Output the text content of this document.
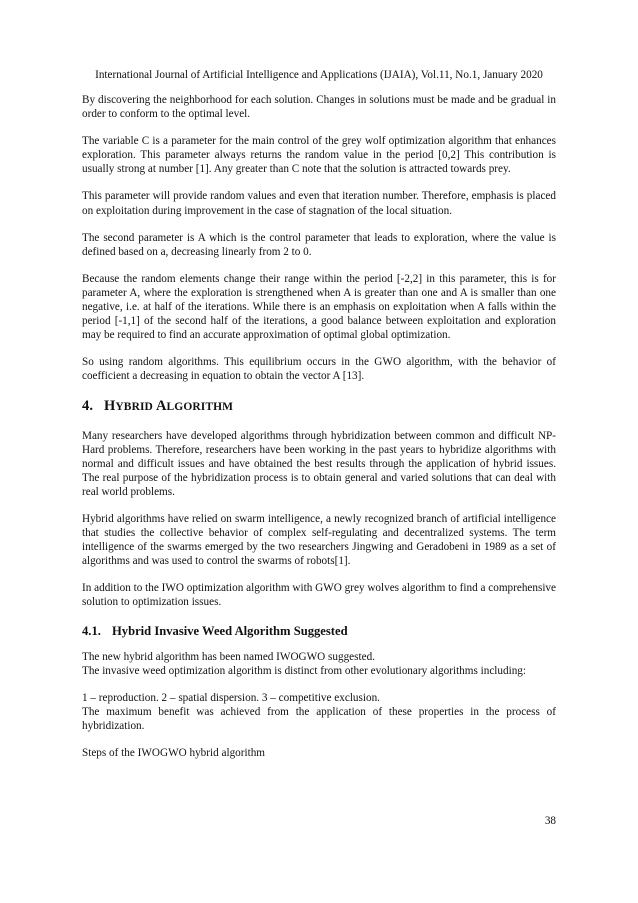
International Journal of Artificial Intelligence and Applications (IJAIA), Vol.11, No.1, January 2020

By discovering the neighborhood for each solution. Changes in solutions must be made and be gradual in order to conform to the optimal level.

The variable C is a parameter for the main control of the grey wolf optimization algorithm that enhances exploration. This parameter always returns the random value in the period [0,2] This contribution is usually strong at number [1]. Any greater than C note that the solution is attracted towards prey.

This parameter will provide random values and even that iteration number. Therefore, emphasis is placed on exploitation during improvement in the case of stagnation of the local situation.

The second parameter is A which is the control parameter that leads to exploration, where the value is defined based on a, decreasing linearly from 2 to 0.

Because the random elements change their range within the period [-2,2] in this parameter, this is for parameter A, where the exploration is strengthened when A is greater than one and A is smaller than one negative, i.e. at half of the iterations. While there is an emphasis on exploitation when A falls within the period [-1,1] of the second half of the iterations, a good balance between exploitation and exploration may be required to find an accurate approximation of optimal global optimization.

So using random algorithms. This equilibrium occurs in the GWO algorithm, with the behavior of coefficient a decreasing in equation to obtain the vector A [13].

4. HYBRID ALGORITHM

Many researchers have developed algorithms through hybridization between common and difficult NP-Hard problems. Therefore, researchers have been working in the past years to hybridize algorithms with normal and difficult issues and have obtained the best results through the application of hybrid issues. The real purpose of the hybridization process is to obtain general and varied solutions that can deal with real world problems.

Hybrid algorithms have relied on swarm intelligence, a newly recognized branch of artificial intelligence that studies the collective behavior of complex self-regulating and decentralized systems. The term intelligence of the swarms emerged by the two researchers Jingwing and Geradobeni in 1989 as a set of algorithms and was used to control the swarms of robots[1].

In addition to the IWO optimization algorithm with GWO grey wolves algorithm to find a comprehensive solution to optimization issues.

4.1. Hybrid Invasive Weed Algorithm Suggested

The new hybrid algorithm has been named IWOGWO suggested.

The invasive weed optimization algorithm is distinct from other evolutionary algorithms including:

1 – reproduction. 2 – spatial dispersion. 3 – competitive exclusion.

The maximum benefit was achieved from the application of these properties in the process of hybridization.

Steps of the IWOGWO hybrid algorithm

38
